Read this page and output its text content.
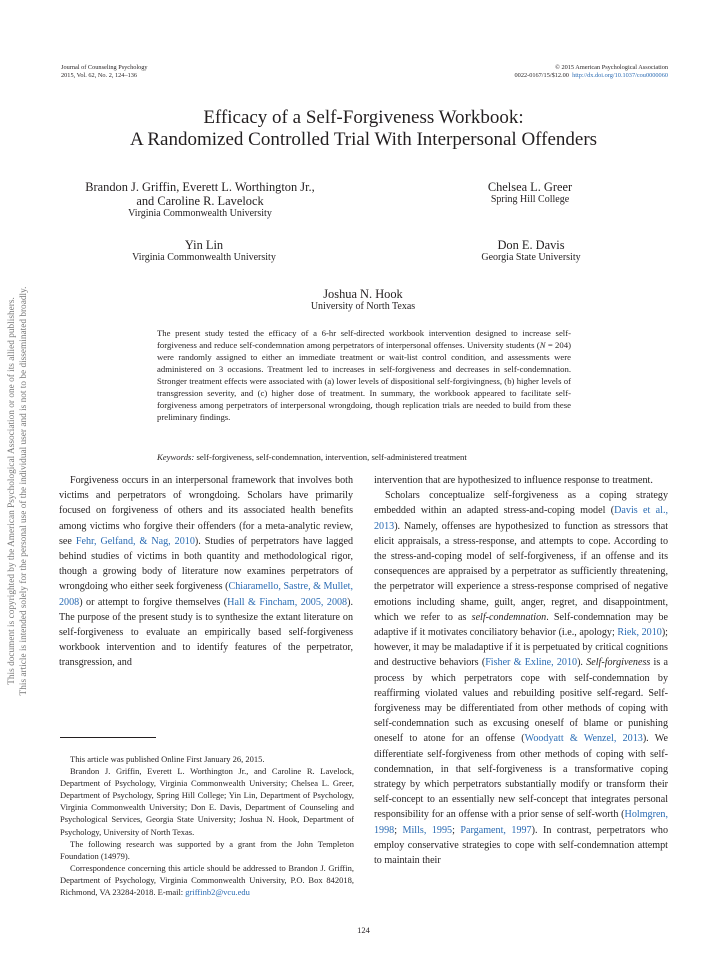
Journal of Counseling Psychology
2015, Vol. 62, No. 2, 124–136
© 2015 American Psychological Association
0022-0167/15/$12.00 http://dx.doi.org/10.1037/cou0000060
This document is copyrighted by the American Psychological Association or one of its allied publishers. This article is intended solely for the personal use of the individual user and is not to be disseminated broadly.
Efficacy of a Self-Forgiveness Workbook:
A Randomized Controlled Trial With Interpersonal Offenders
Brandon J. Griffin, Everett L. Worthington Jr.,
and Caroline R. Lavelock
Virginia Commonwealth University
Chelsea L. Greer
Spring Hill College
Yin Lin
Virginia Commonwealth University
Don E. Davis
Georgia State University
Joshua N. Hook
University of North Texas
The present study tested the efficacy of a 6-hr self-directed workbook intervention designed to increase self-forgiveness and reduce self-condemnation among perpetrators of interpersonal offenses. University students (N = 204) were randomly assigned to either an immediate treatment or wait-list control condition, and assessments were administered on 3 occasions. Treatment led to increases in self-forgiveness and decreases in self-condemnation. Stronger treatment effects were associated with (a) lower levels of dispositional self-forgivingness, (b) higher levels of transgression severity, and (c) higher dose of treatment. In summary, the workbook appeared to facilitate self-forgiveness among perpetrators of interpersonal wrongdoing, though replication trials are needed to build from these preliminary findings.
Keywords: self-forgiveness, self-condemnation, intervention, self-administered treatment

Forgiveness occurs in an interpersonal framework that involves both victims and perpetrators of wrongdoing. Scholars have primarily focused on forgiveness of others and its associated health benefits among victims who forgive their offenders (for a meta-analytic review, see Fehr, Gelfand, & Nag, 2010). Studies of perpetrators have lagged behind studies of victims in both quantity and methodological rigor, though a growing body of literature now examines perpetrators of wrongdoing who either seek forgiveness (Chiaramello, Sastre, & Mullet, 2008) or attempt to forgive themselves (Hall & Fincham, 2005, 2008). The purpose of the present study is to synthesize the extant literature on self-forgiveness to evaluate an empirically based self-forgiveness workbook intervention and to identify features of the perpetrator, transgression, and

This article was published Online First January 26, 2015.

Brandon J. Griffin, Everett L. Worthington Jr., and Caroline R. Lavelock, Department of Psychology, Virginia Commonwealth University; Chelsea L. Greer, Department of Psychology, Spring Hill College; Yin Lin, Department of Psychology, Virginia Commonwealth University; Don E. Davis, Department of Counseling and Psychological Services, Georgia State University; Joshua N. Hook, Department of Psychology, University of North Texas.

The following research was supported by a grant from the John Templeton Foundation (14979).

Correspondence concerning this article should be addressed to Brandon J. Griffin, Department of Psychology, Virginia Commonwealth University, P.O. Box 842018, Richmond, VA 23284-2018. E-mail: griffinb2@vcu.edu

intervention that are hypothesized to influence response to treatment.

Scholars conceptualize self-forgiveness as a coping strategy embedded within an adapted stress-and-coping model (Davis et al., 2013). Namely, offenses are hypothesized to function as stressors that elicit appraisals, a stress-response, and attempts to cope. According to the stress-and-coping model of self-forgiveness, if an offense and its consequences are appraised by a perpetrator as sufficiently threatening, the perpetrator will experience a stress-response comprised of negative emotions including shame, guilt, anger, regret, and disappointment, which we refer to as self-condemnation. Self-condemnation may be adaptive if it motivates conciliatory behavior (i.e., apology; Riek, 2010); however, it may be maladaptive if it is perpetuated by critical cognitions and destructive behaviors (Fisher & Exline, 2010). Self-forgiveness is a process by which perpetrators cope with self-condemnation by reaffirming violated values and rebuilding positive self-regard. Self-forgiveness may be differentiated from other methods of coping with self-condemnation such as excusing oneself of blame or punishing oneself to atone for an offense (Woodyatt & Wenzel, 2013). We differentiate self-forgiveness from other methods of coping with self-condemnation, in that self-forgiveness is a transformative coping strategy by which perpetrators substantially modify or transform their self-concept to an essentially new self-concept that integrates personal responsibility for an offense with a prior sense of self-worth (Holmgren, 1998; Mills, 1995; Pargament, 1997). In contrast, perpetrators who employ conservative strategies to cope with self-condemnation attempt to maintain their

124
